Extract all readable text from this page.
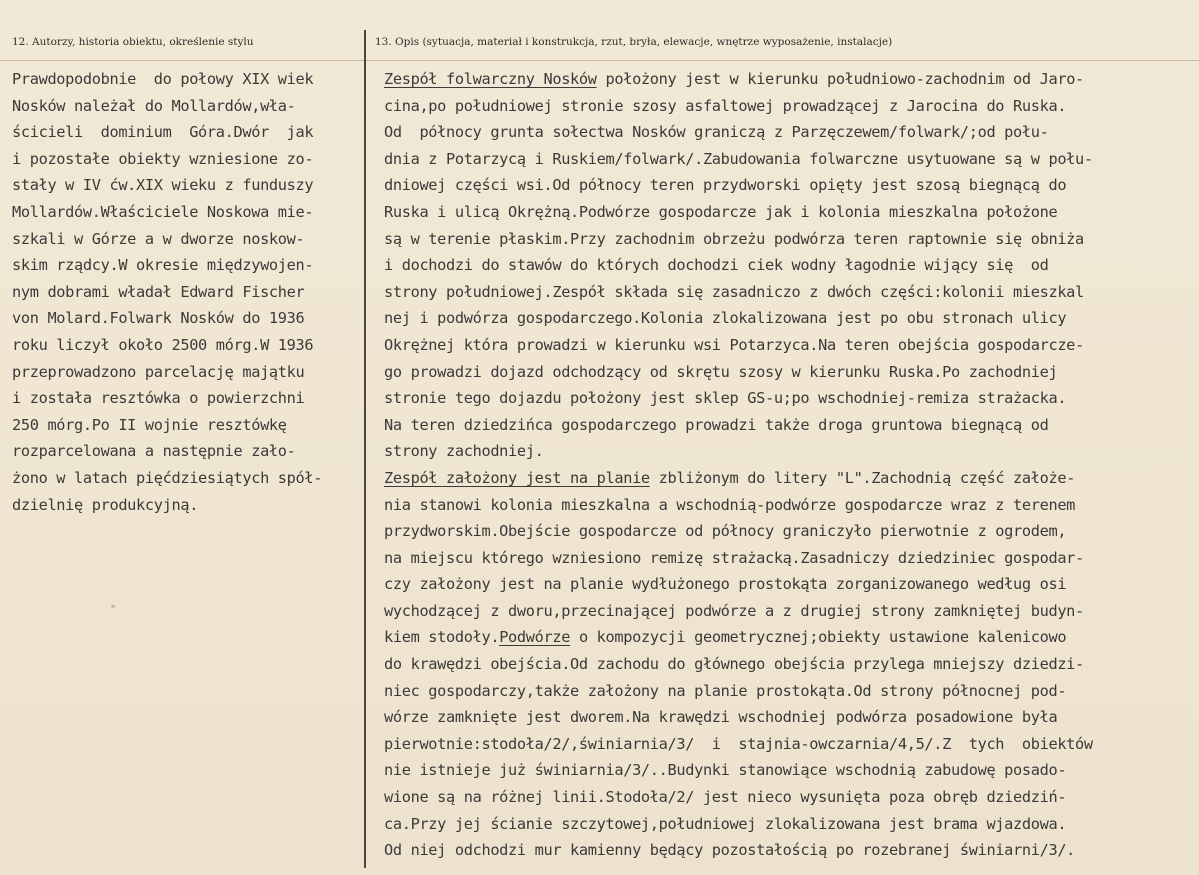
12. Autorzy, historia obiektu, określenie stylu	13. Opis (sytuacja, materiał i konstrukcja, rzut, bryła, elewacje, wnętrze wyposażenie, instalacje)
Prawdopodobnie  do połowy XIX wiek
Nosków należał do Mollardów,wła-
ścicieli  dominium  Góra.Dwór  jak
i pozostałe obiekty wzniesione zo-
stały w IV ćw.XIX wieku z funduszy
Mollardów.Właściciele Noskowa mie-
szkali w Górze a w dworze noskow-
skim rządcy.W okresie międzywojen-
nym dobrami władał Edward Fischer
von Molard.Folwark Nosków do 1936
roku liczył około 2500 mórg.W 1936
przeprowadzono parcelację majątku
i została resztówka o powierzchni
250 mórg.Po II wojnie resztówkę
rozparcelowana a następnie zało-
żono w latach pięćdziesiątych spół-
dzielnię produkcyjną.
Zespół folwarczny Nosków położony jest w kierunku południowo-zachodnim od Jaro-
cina,po południowej stronie szosy asfaltowej prowadzącej z Jarocina do Ruska.
Od  północy grunta sołectwa Nosków graniczą z Parzęczewem/folwark/;od połu-
dnia z Potarzycą i Ruskiem/folwark/.Zabudowania folwarczne usytuowane są w połu-
dniowej części wsi.Od północy teren przydworski opięty jest szosą biegnącą do
Ruska i ulicą Okrężną.Podwórze gospodarcze jak i kolonia mieszkalna położone
są w terenie płaskim.Przy zachodnim obrzeżu podwórza teren raptownie się obniża
i dochodzi do stawów do których dochodzi ciek wodny łagodnie wijący się  od
strony południowej.Zespół składa się zasadniczo z dwóch części:kolonii mieszkal
nej i podwórza gospodarczego.Kolonia zlokalizowana jest po obu stronach ulicy
Okrężnej która prowadzi w kierunku wsi Potarzyca.Na teren obejścia gospodarcze-
go prowadzi dojazd odchodzący od skrętu szosy w kierunku Ruska.Po zachodniej
stronie tego dojazdu położony jest sklep GS-u;po wschodniej-remiza strażacka.
Na teren dziedzińca gospodarczego prowadzi także droga gruntowa biegnącą od
strony zachodniej.
Zespół założony jest na planie zbliżonym do litery "L".Zachodnią część założe-
nia stanowi kolonia mieszkalna a wschodnią-podwórze gospodarcze wraz z terenem
przydworskim.Obejście gospodarcze od północy graniczyło pierwotnie z ogrodem,
na miejscu którego wzniesiono remizę strażacką.Zasadniczy dziedziniec gospodar-
czy założony jest na planie wydłużonego prostokąta zorganizowanego według osi
wychodzącej z dworu,przecinającej podwórze a z drugiej strony zamkniętej budyn-
kiem stodoły.Podwórze o kompozycji geometrycznej;obiekty ustawione kalenicowo
do krawędzi obejścia.Od zachodu do głównego obejścia przylega mniejszy dziedzi-
niec gospodarczy,także założony na planie prostokąta.Od strony północnej pod-
wórze zamknięte jest dworem.Na krawędzi wschodniej podwórza posadowione była
pierwotnie:stodoła/2/,świniarnia/3/  i  stajnia-owczarnia/4,5/.Z  tych  obiektów
nie istnieje już świniarnia/3/..Budynki stanowiące wschodnią zabudowę posado-
wione są na różnej linii.Stodoła/2/ jest nieco wysunięta poza obręb dziedziń-
ca.Przy jej ścianie szczytowej,południowej zlokalizowana jest brama wjazdowa.
Od niej odchodzi mur kamienny będący pozostałością po rozebranej świniarni/3/.
"
